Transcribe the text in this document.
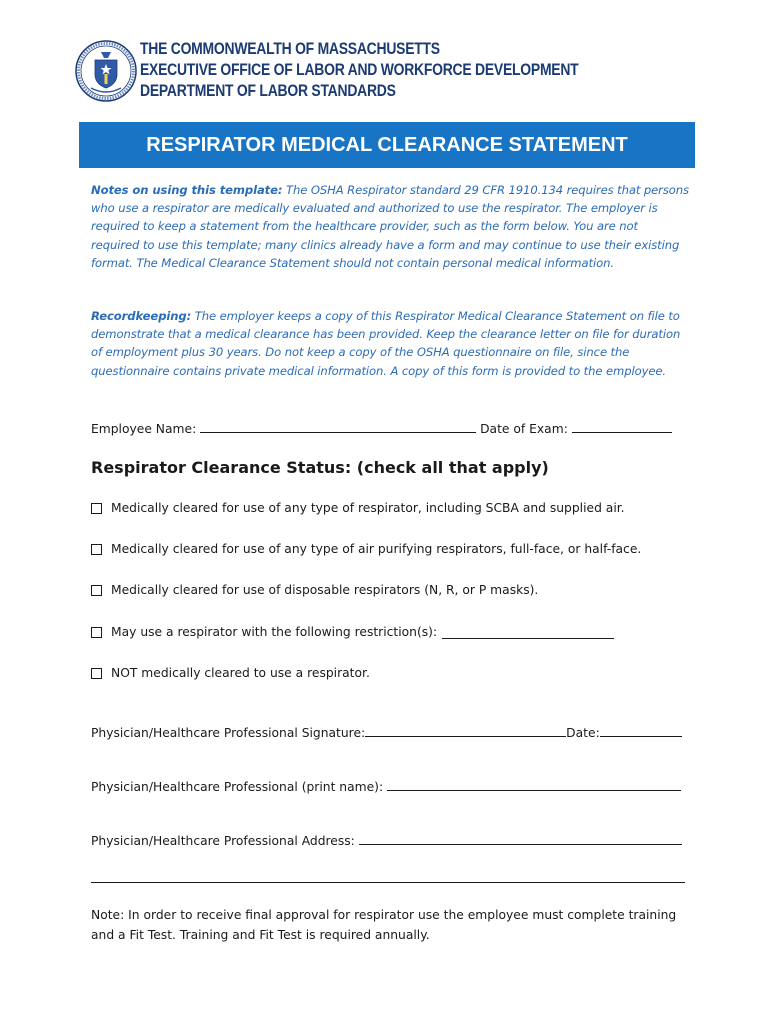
THE COMMONWEALTH OF MASSACHUSETTS
EXECUTIVE OFFICE OF LABOR AND WORKFORCE DEVELOPMENT
DEPARTMENT OF LABOR STANDARDS
RESPIRATOR MEDICAL CLEARANCE STATEMENT
Notes on using this template: The OSHA Respirator standard 29 CFR 1910.134 requires that persons who use a respirator are medically evaluated and authorized to use the respirator. The employer is required to keep a statement from the healthcare provider, such as the form below. You are not required to use this template; many clinics already have a form and may continue to use their existing format. The Medical Clearance Statement should not contain personal medical information.
Recordkeeping: The employer keeps a copy of this Respirator Medical Clearance Statement on file to demonstrate that a medical clearance has been provided. Keep the clearance letter on file for duration of employment plus 30 years. Do not keep a copy of the OSHA questionnaire on file, since the questionnaire contains private medical information. A copy of this form is provided to the employee.
Employee Name:	Date of Exam:
Respirator Clearance Status: (check all that apply)
Medically cleared for use of any type of respirator, including SCBA and supplied air.
Medically cleared for use of any type of air purifying respirators, full-face, or half-face.
Medically cleared for use of disposable respirators (N, R, or P masks).
May use a respirator with the following restriction(s):
NOT medically cleared to use a respirator.
Physician/Healthcare Professional Signature:	Date:
Physician/Healthcare Professional (print name):
Physician/Healthcare Professional Address:
Note: In order to receive final approval for respirator use the employee must complete training and a Fit Test. Training and Fit Test is required annually.
